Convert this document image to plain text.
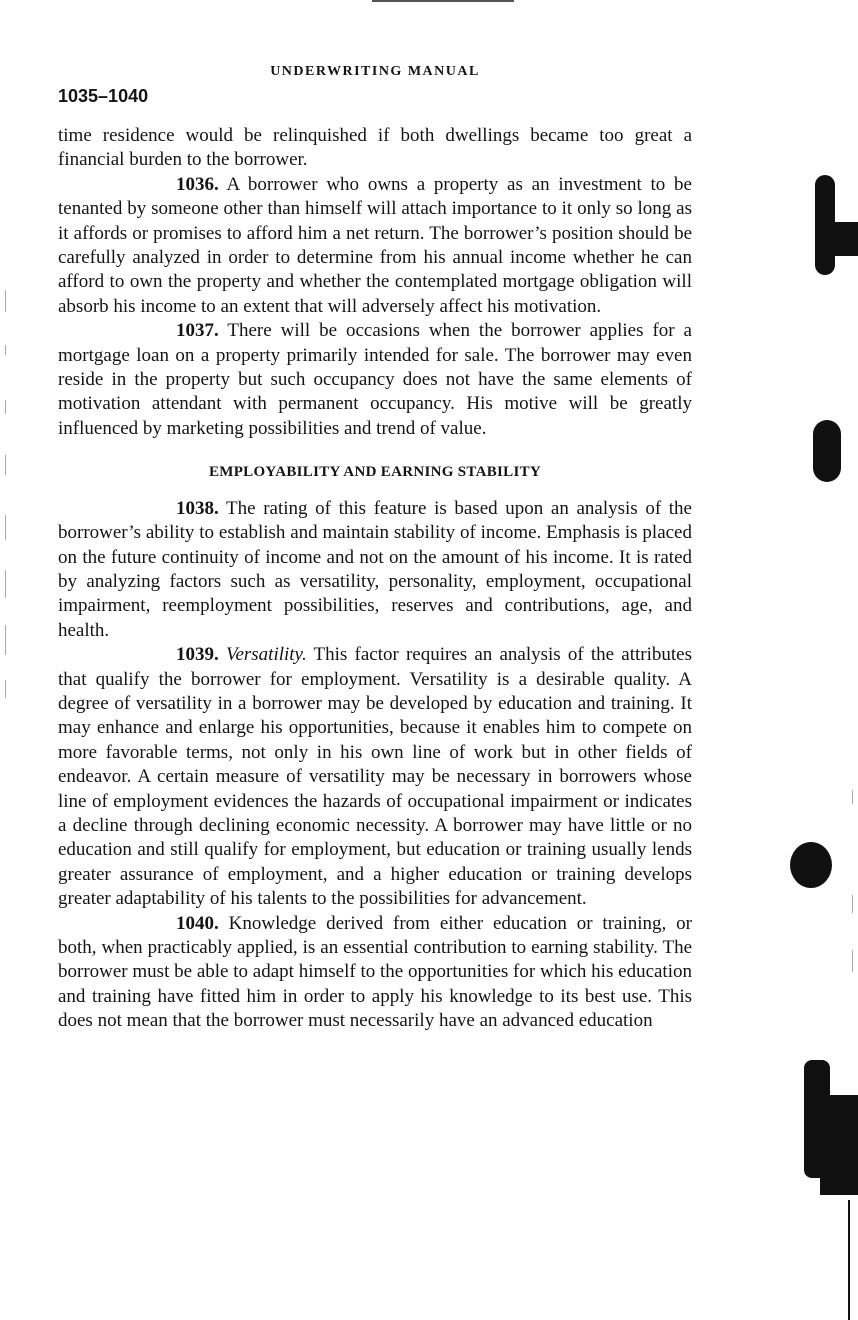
UNDERWRITING MANUAL
1035–1040

time residence would be relinquished if both dwellings became too great a financial burden to the borrower.

1036. A borrower who owns a property as an investment to be tenanted by someone other than himself will attach importance to it only so long as it affords or promises to afford him a net return. The borrower’s position should be carefully analyzed in order to determine from his annual income whether he can afford to own the property and whether the contemplated mortgage obligation will absorb his income to an extent that will adversely affect his motivation.

1037. There will be occasions when the borrower applies for a mortgage loan on a property primarily intended for sale. The borrower may even reside in the property but such occupancy does not have the same elements of motivation attendant with permanent occupancy. His motive will be greatly influenced by marketing possibilities and trend of value.

EMPLOYABILITY AND EARNING STABILITY

1038. The rating of this feature is based upon an analysis of the borrower’s ability to establish and maintain stability of income. Emphasis is placed on the future continuity of income and not on the amount of his income. It is rated by analyzing factors such as versatility, personality, employment, occupational impairment, reemployment possibilities, reserves and contributions, age, and health.

1039. Versatility. This factor requires an analysis of the attributes that qualify the borrower for employment. Versatility is a desirable quality. A degree of versatility in a borrower may be developed by education and training. It may enhance and enlarge his opportunities, because it enables him to compete on more favorable terms, not only in his own line of work but in other fields of endeavor. A certain measure of versatility may be necessary in borrowers whose line of employment evidences the hazards of occupational impairment or indicates a decline through declining economic necessity. A borrower may have little or no education and still qualify for employment, but education or training usually lends greater assurance of employment, and a higher education or training develops greater adaptability of his talents to the possibilities for advancement.

1040. Knowledge derived from either education or training, or both, when practicably applied, is an essential contribution to earning stability. The borrower must be able to adapt himself to the opportunities for which his education and training have fitted him in order to apply his knowledge to its best use. This does not mean that the borrower must necessarily have an advanced education
